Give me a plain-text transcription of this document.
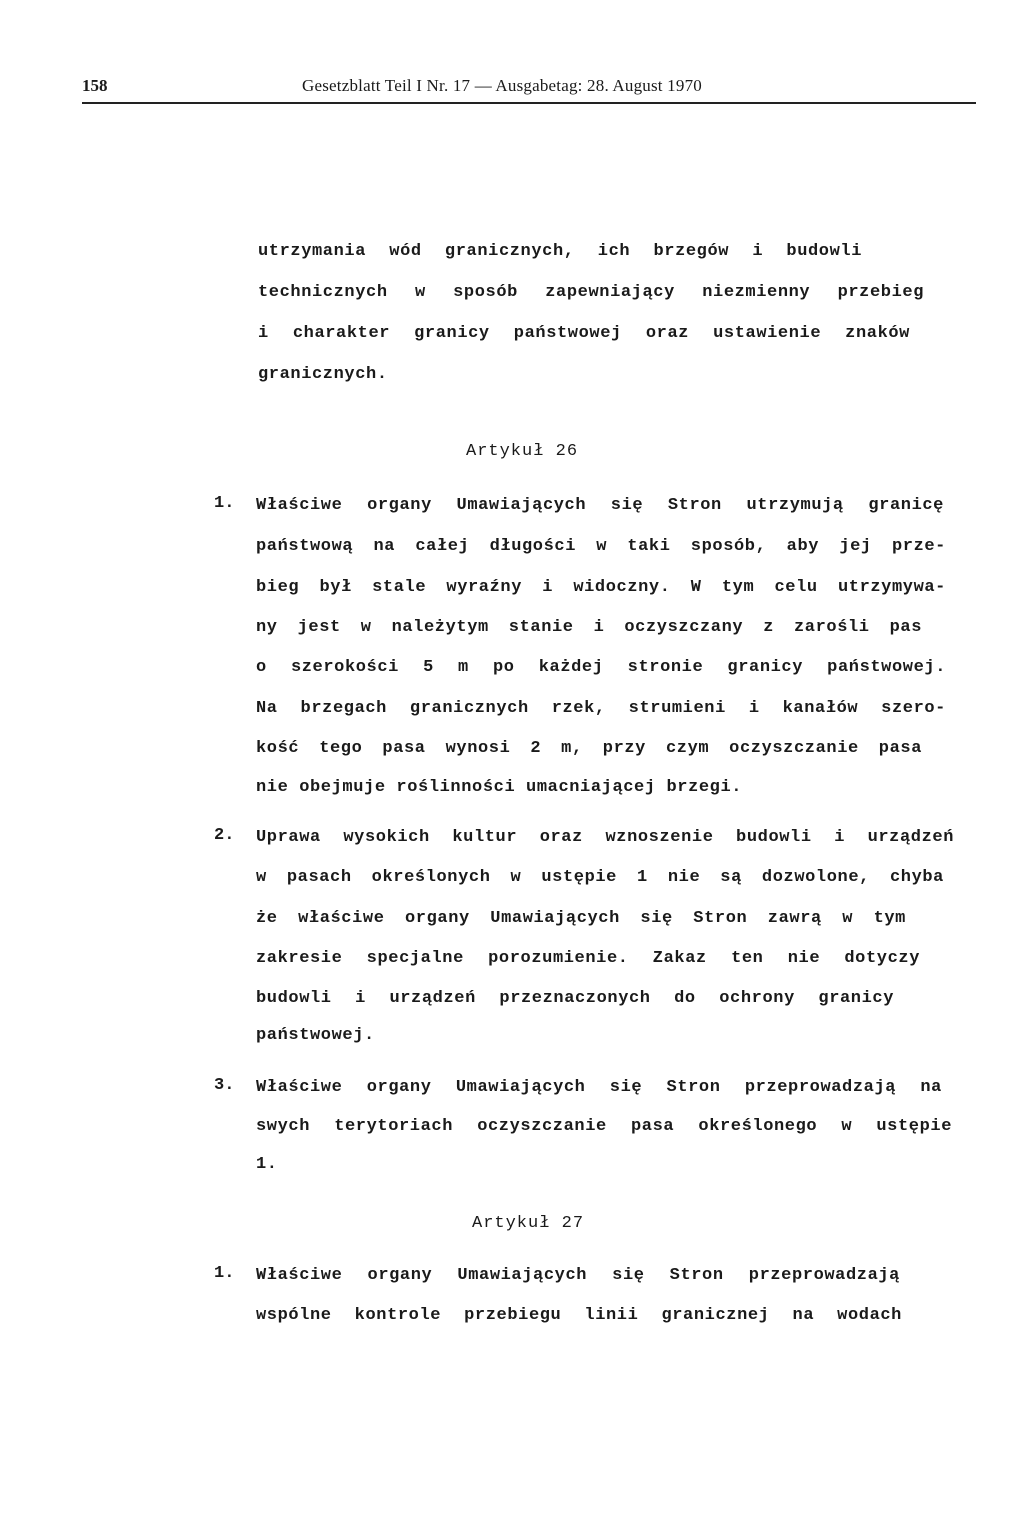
158	Gesetzblatt Teil I Nr. 17 — Ausgabetag: 28. August 1970
utrzymania wód granicznych, ich brzegów i budowli
technicznych w sposób zapewniający niezmienny przebieg
i charakter granicy państwowej oraz ustawienie znaków
granicznych.
Artykuł 26
1. Właściwe organy Umawiających się Stron utrzymują granicę
państwową na całej długości w taki sposób, aby jej prze-
bieg był stale wyraźny i widoczny. W tym celu utrzymywa-
ny jest w należytym stanie i oczyszczany z zarośli pas
o szerokości 5 m po każdej stronie granicy państwowej.
Na brzegach granicznych rzek, strumieni i kanałów szero-
kość tego pasa wynosi 2 m, przy czym oczyszczanie pasa
nie obejmuje roślinności umacniającej brzegi.
2. Uprawa wysokich kultur oraz wznoszenie budowli i urządzeń
w pasach określonych w ustępie 1 nie są dozwolone, chyba
że właściwe organy Umawiających się Stron zawrą w tym
zakresie specjalne porozumienie. Zakaz ten nie dotyczy
budowli i urządzeń przeznaczonych do ochrony granicy
państwowej.
3. Właściwe organy Umawiających się Stron przeprowadzają na
swych terytoriach oczyszczanie pasa określonego w ustępie
1.
Artykuł 27
1. Właściwe organy Umawiających się Stron przeprowadzają
wspólne kontrole przebiegu linii granicznej na wodach
